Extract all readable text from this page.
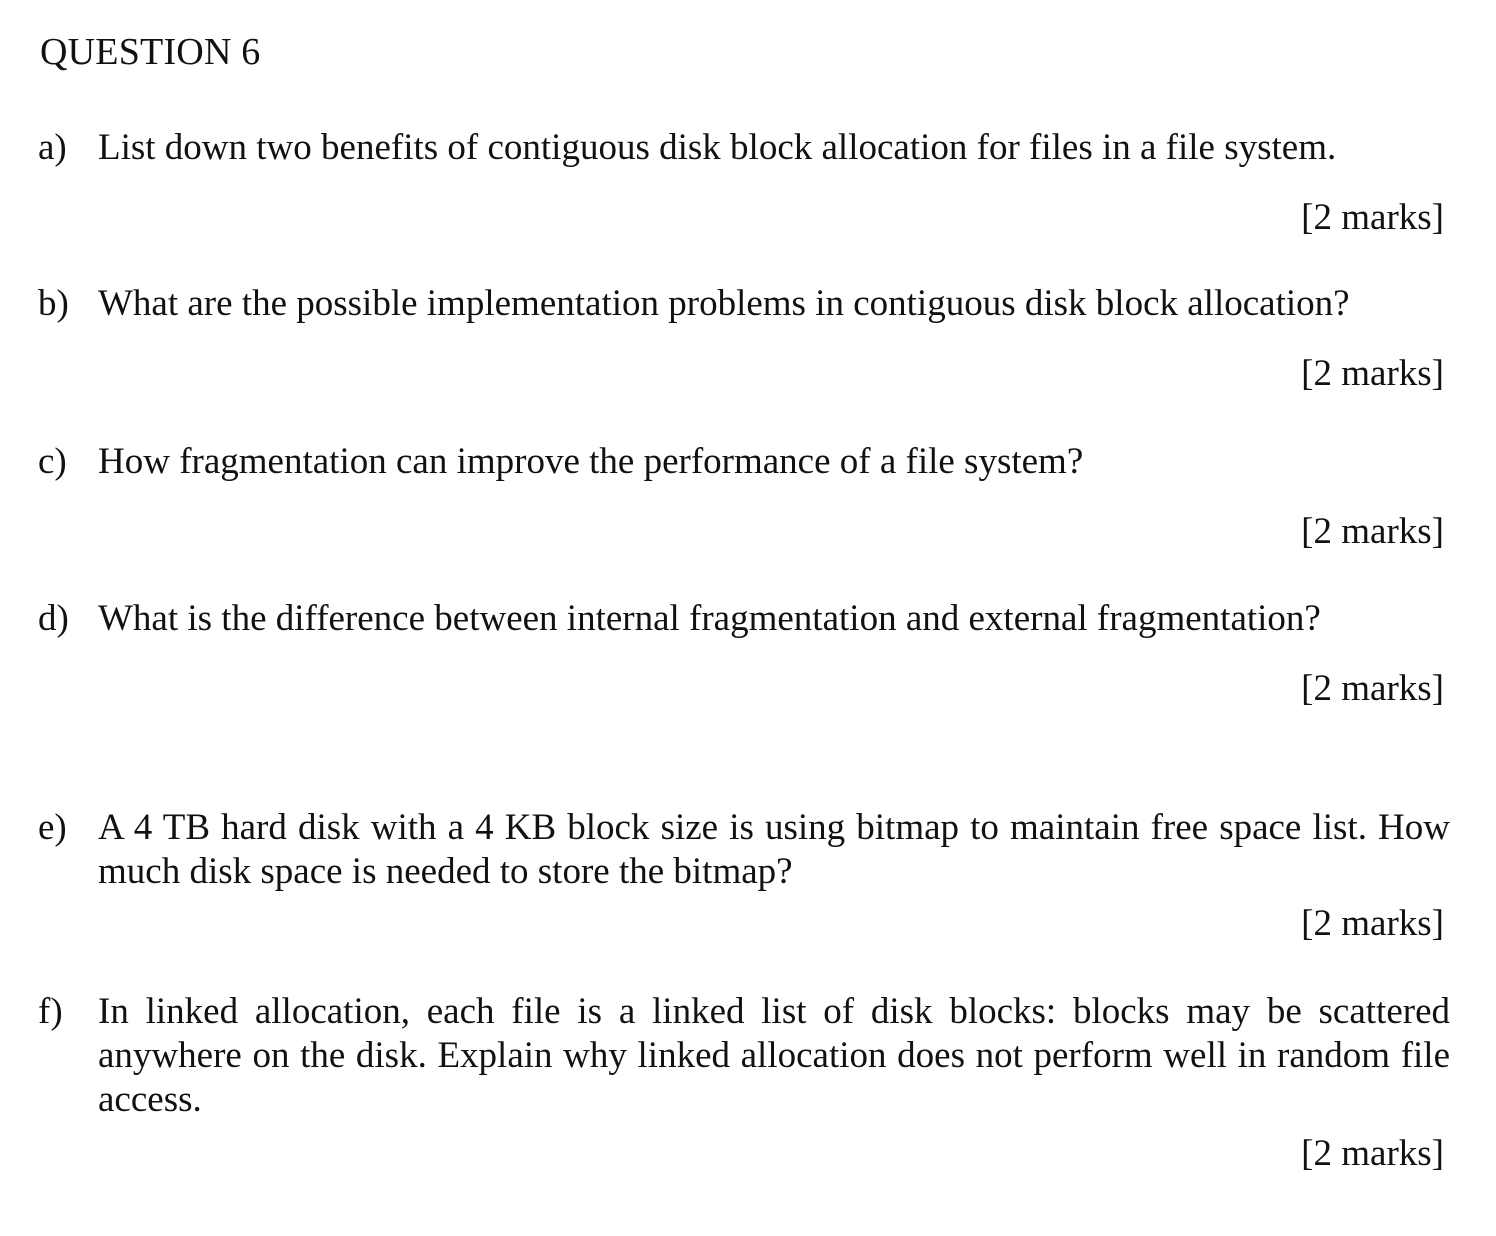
QUESTION 6
a) List down two benefits of contiguous disk block allocation for files in a file system.
[2 marks]
b) What are the possible implementation problems in contiguous disk block allocation?
[2 marks]
c) How fragmentation can improve the performance of a file system?
[2 marks]
d) What is the difference between internal fragmentation and external fragmentation?
[2 marks]
e) A 4 TB hard disk with a 4 KB block size is using bitmap to maintain free space list. How much disk space is needed to store the bitmap?
[2 marks]
f) In linked allocation, each file is a linked list of disk blocks: blocks may be scattered anywhere on the disk. Explain why linked allocation does not perform well in random file access.
[2 marks]
